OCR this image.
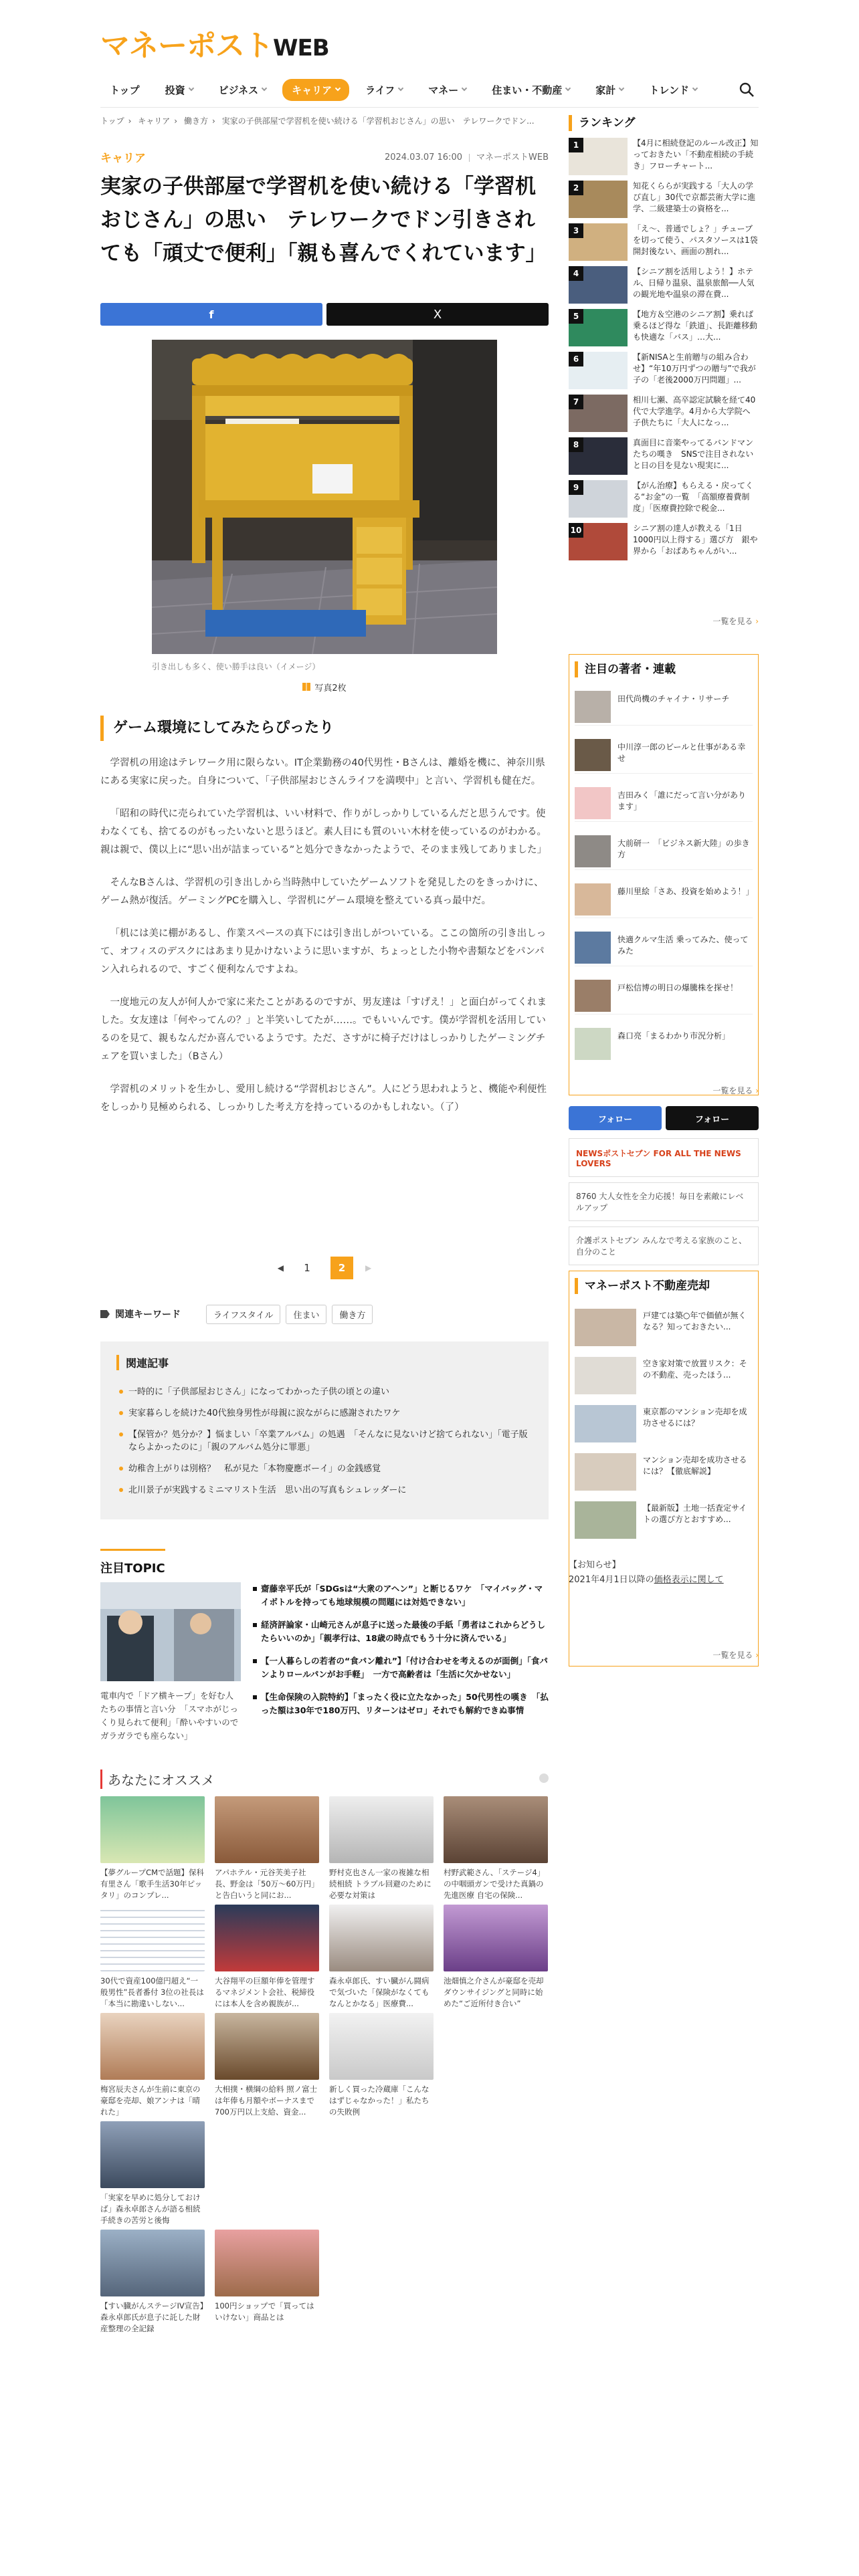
マネーポストWEB
トップ	投資	ビジネス	キャリア	ライフ	マネー	住まい・不動産	家計	トレンド
トップ › キャリア › 働き方 › 実家の子供部屋で学習机を使い続ける「学習机おじさん」の思い　テレワークでドン...
キャリア	2024.03.07 16:00 マネーポストWEB
実家の子供部屋で学習机を使い続ける「学習机おじさん」の思い　テレワークでドン引きされても「頑丈で便利」「親も喜んでくれています」
f	X
引き出しも多く、使い勝手は良い（イメージ）
写真2枚
ゲーム環境にしてみたらぴったり

学習机の用途はテレワーク用に限らない。IT企業勤務の40代男性・Bさんは、離婚を機に、神奈川県にある実家に戻った。自身について、「子供部屋おじさんライフを満喫中」と言い、学習机も健在だ。

「昭和の時代に売られていた学習机は、いい材料で、作りがしっかりしているんだと思うんです。使わなくても、捨てるのがもったいないと思うほど。素人目にも質のいい木材を使っているのがわかる。親は親で、僕以上に“思い出が詰まっている”と処分できなかったようで、そのまま残してありました」

そんなBさんは、学習机の引き出しから当時熱中していたゲームソフトを発見したのをきっかけに、ゲーム熱が復活。ゲーミングPCを購入し、学習机にゲーム環境を整えている真っ最中だ。

「机には美に棚があるし、作業スペースの真下には引き出しがついている。ここの箇所の引き出しって、オフィスのデスクにはあまり見かけないように思いますが、ちょっとした小物や書類などをパンパン入れられるので、すごく便利なんですよね。

一度地元の友人が何人かで家に来たことがあるのですが、男友達は「すげえ！」と面白がってくれました。女友達は「何やってんの？」と半笑いしてたが……。でもいいんです。僕が学習机を活用しているのを見て、親もなんだか喜んでいるようです。ただ、さすがに椅子だけはしっかりしたゲーミングチェアを買いました」（Bさん）

学習机のメリットを生かし、愛用し続ける“学習机おじさん”。人にどう思われようと、機能や利便性をしっかり見極められる、しっかりした考え方を持っているのかもしれない。（了）

◀	1	2	▶
関連キーワード	ライフスタイル	住まい	働き方
関連記事
一時的に「子供部屋おじさん」になってわかった子供の頃との違い
実家暮らしを続けた40代独身男性が母親に涙ながらに感謝されたワケ
【保管か？処分か？】悩ましい「卒業アルバム」の処遇　「そんなに見ないけど捨てられない」「電子版ならよかったのに」「親のアルバム処分に罪悪」
幼稚舎上がりは別格？　私が見た「本物慶應ボーイ」の金銭感覚
北川景子が実践するミニマリスト生活　思い出の写真もシュレッダーに
注目TOPIC
電車内で「ドア横キープ」を好む人たちの事情と言い分　「スマホがじっくり見られて便利」「酔いやすいのでガラガラでも座らない」
齋藤幸平氏が「SDGsは“大衆のアヘン”」と断じるワケ　「マイバッグ・マイボトルを持っても地球規模の問題には対処できない」
経済評論家・山崎元さんが息子に送った最後の手紙「勇者はこれからどうしたらいいのか」「親孝行は、18歳の時点でもう十分に済んでいる」
【一人暮らしの若者の“食パン離れ”】「付け合わせを考えるのが面倒」「食パンよりロールパンがお手軽」　一方で高齢者は「生活に欠かせない」
【生命保険の入院特約】「まったく役に立たなかった」50代男性の嘆き　「払った額は30年で180万円、リターンはゼロ」それでも解約できぬ事情
あなたにオススメ
【夢グループCMで話題】保科有里さん「歌手生活30年ピッタリ」のコンプレ...
アパホテル・元谷芙美子社長、野金は「50万〜60万円」と告白いうと同にお...
野村克也さん一家の複雑な相続相続 トラブル回避のために必要な対策は
村野武範さん、「ステージ4」の中咽頭ガンで受けた真鍋の先進医療 自宅の保険...
30代で資産100億円超え“一般男性”長者番付 3位の社長は「本当に勘違いしない...
大谷翔平の巨額年俸を管理するマネジメント会社、税締役には本人を含め親族が...
森永卓郎氏、すい臓がん闘病で気づいた「保険がなくてもなんとかなる」医療費...
池畑慎之介さんが豪邸を売却 ダウンサイジングと同時に始めた“ご近所付き合い”
梅宮辰夫さんが生前に東京の豪邸を売却、娘アンナは「晴れた」
大相撲・横綱の給料 照ノ富士は年俸も月額やボーナスまで700万円以上支給、資金...
新しく買った冷蔵庫「こんなはずじゃなかった！」私たちの失敗例
「実家を早めに処分しておけば」森永卓郎さんが語る相続手続きの苦労と後悔
【すい臓がんステージIV宣告】森永卓郎氏が息子に託した財産整理の全記録
100円ショップで「買ってはいけない」商品とは
ランキング
1	【4月に相続登記のルール改正】知っておきたい「不動産相続の手続き」フローチャート...
2	知花くららが実践する「大人の学び直し」30代で京都芸術大学に進学、二級建築士の資格を...
3	「え〜、普通でしょ？」チューブを切って使う、パスタソースは1袋開封後ない、画面の割れ...
4	【シニア割を活用しよう！】ホテル、日帰り温泉、温泉旅館──人気の観光地や温泉の滞在費...
5	【地方＆空港のシニア割】乗れば乗るほど得な「鉄道」、長距離移動も快適な「バス」…大...
6	【新NISAと生前贈与の組み合わせ】“年10万円ずつの贈与”で我が子の「老後2000万円問題」...
7	相川七瀬、高卒認定試験を経て40代で大学進学。4月から大学院へ 子供たちに「大人になっ...
8	真面目に音楽やってるバンドマンたちの嘆き　SNSで注目されないと日の目を見ない現実に...
9	【がん治療】もらえる・戻ってくる“お金”の一覧　「高額療養費制度」「医療費控除で税金...
10	シニア割の達人が教える「1日1000円以上得する」選び方　銀や界から「おばあちゃんがい...
一覧を見る ›
注目の著者・連載
田代尚機のチャイナ・リサーチ
中川淳一郎のビールと仕事がある幸せ
吉田みく「誰にだって言い分があります」
大前研一　「ビジネス新大陸」の歩き方
藤川里絵「さあ、投資を始めよう！」
快適クルマ生活 乗ってみた、使ってみた
戸松信博の明日の爆騰株を探せ！
森口亮「まるわかり市況分析」
一覧を見る ›
フォロー	フォロー
NEWSポストセブン FOR ALL THE NEWS LOVERS
8760 大人女性を全力応援！毎日を素敵にレベルアップ
介護ポストセブン みんなで考える家族のこと、自分のこと
マネーポスト不動産売却
戸建ては築○年で価値が無くなる？知っておきたい...
空き家対策で放置リスク：その不動産、売ったほう...
東京都のマンション売却を成功させるには？
マンション売却を成功させるには？【徹底解説】
【最新版】土地一括査定サイトの選び方とおすすめ...
一覧を見る ›
【お知らせ】
2021年4月1日以降の価格表示に関して
